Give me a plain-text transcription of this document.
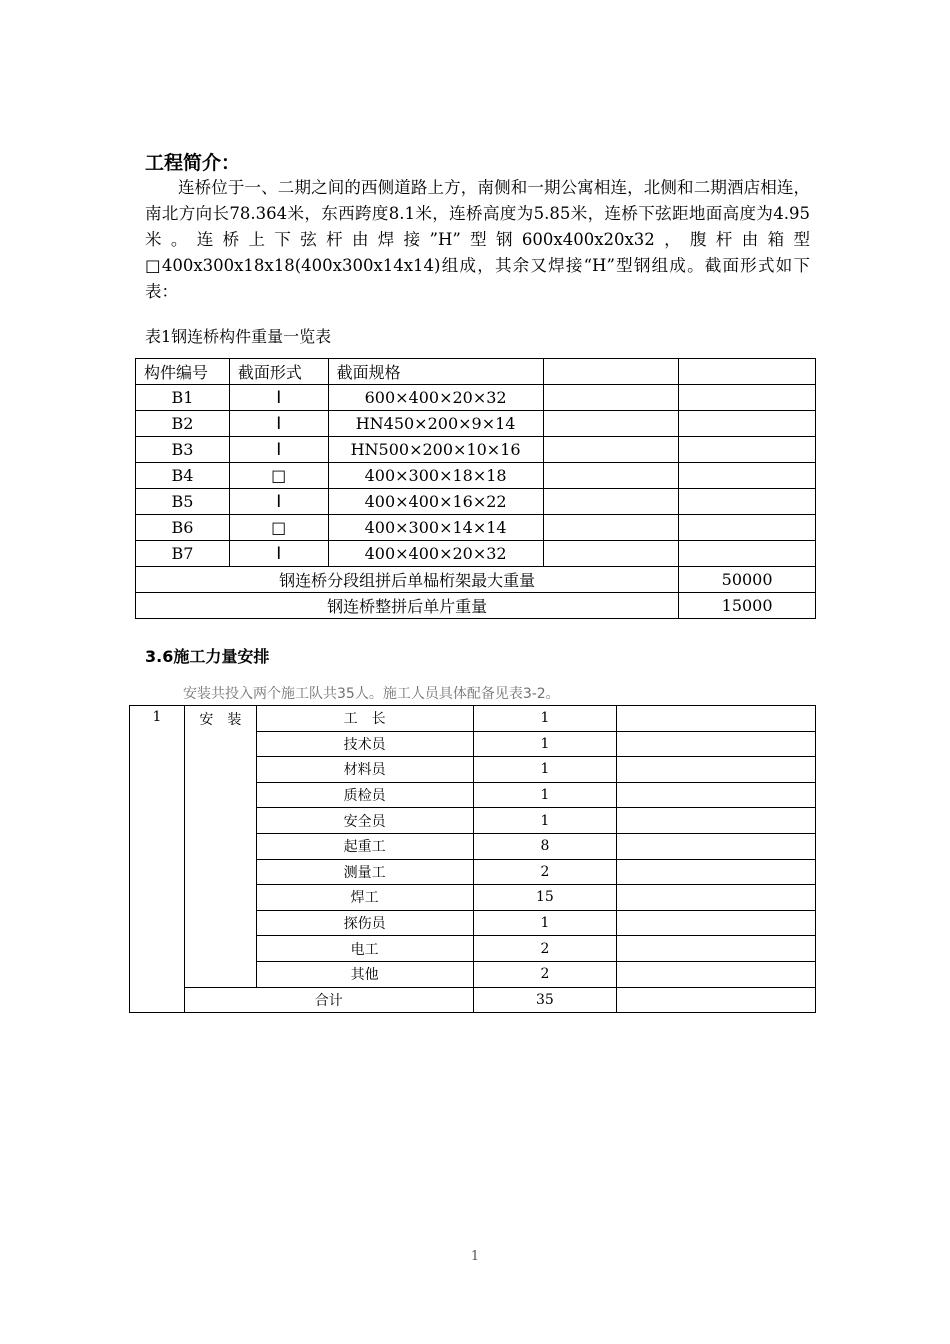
工程简介：

连桥位于一、二期之间的西侧道路上方，南侧和一期公寓相连，北侧和二期酒店相连，南北方向长78.364米，东西跨度8.1米，连桥高度为5.85米，连桥下弦距地面高度为4.95米。连桥上下弦杆由焊接”H”型钢600x400x20x32，腹杆由箱型□400x300x18x18(400x300x14x14)组成，其余又焊接“H”型钢组成。截面形式如下表：

表1钢连桥构件重量一览表
构件编号	截面形式	截面规格		
B1	I	600×400×20×32		
B2	I	HN450×200×9×14		
B3	I	HN500×200×10×16		
B4	□	400×300×18×18		
B5	I	400×400×16×22		
B6	□	400×300×14×14		
B7	I	400×400×20×32		
钢连桥分段组拼后单榀桁架最大重量				50000
钢连桥整拼后单片重量				15000
3.6施工力量安排
安装共投入两个施工队共35人。施工人员具体配备见表3-2。
1	安　装	工　长	1	
		技术员	1	
		材料员	1	
		质检员	1	
		安全员	1	
		起重工	8	
		测量工	2	
		焊工	15	
		探伤员	1	
		电工	2	
		其他	2	
	合计		35	
1
